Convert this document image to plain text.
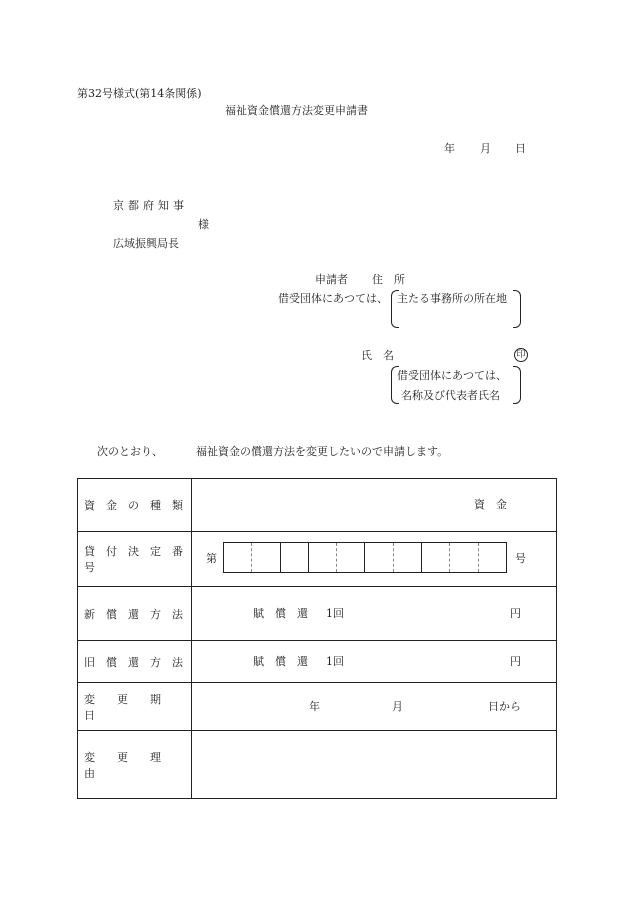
第32号様式(第14条関係)
福祉資金償還方法変更申請書
年 月 日
京都府知事
様
広域振興局長
申請者 住　所
借受団体にあつては、 主たる事務所の所在地
氏　名	印
借受団体にあつては、
名称及び代表者氏名
次のとおり、	福祉資金の償還方法を変更したいので申請します。
資　金　の　種　類	資　金

貸　付　決　定　番　号	第 号

新　償　還　方　法	賦　償　還 1回 円

旧　償　還　方　法	賦　償　還 1回 円

変　　更　　期　　日	年 月 日から

変　　更　　理　　由	
